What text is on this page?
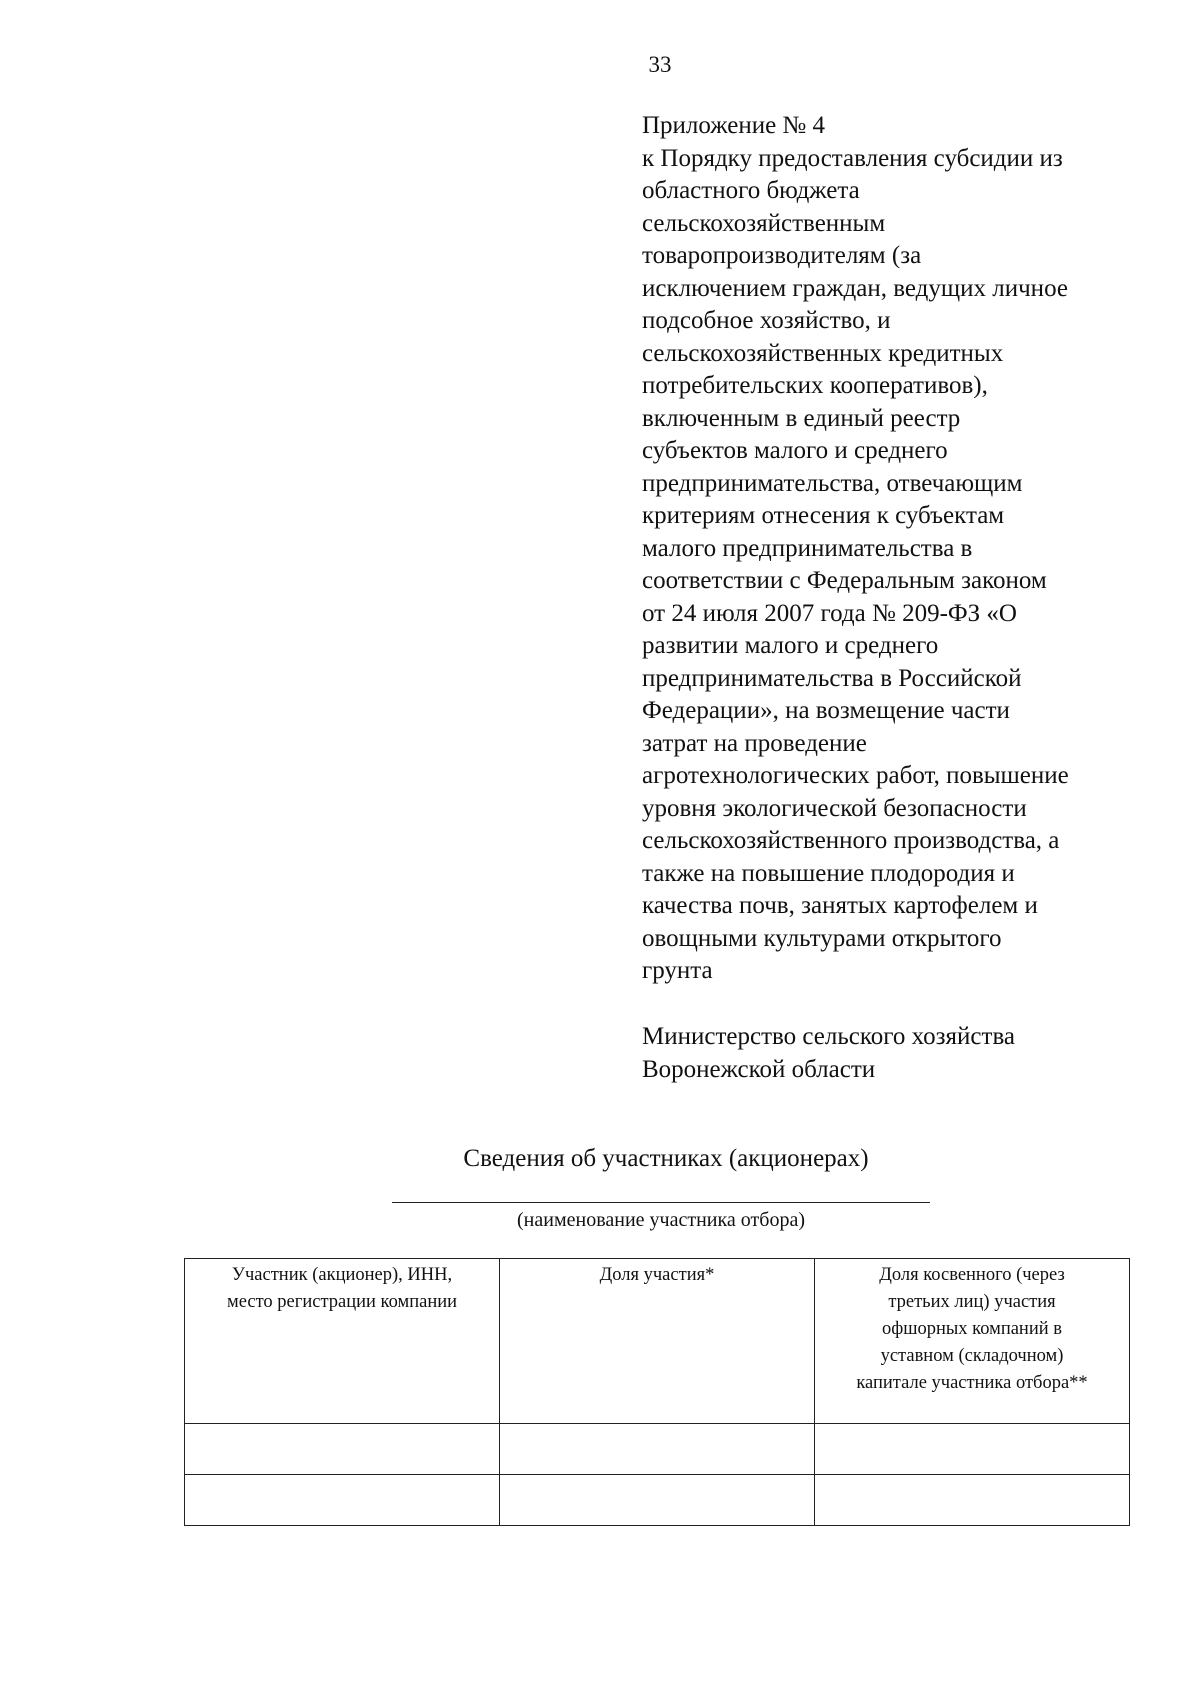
33
Приложение № 4
к Порядку предоставления субсидии из
областного бюджета
сельскохозяйственным
товаропроизводителям (за
исключением граждан, ведущих личное
подсобное хозяйство, и
сельскохозяйственных кредитных
потребительских кооперативов),
включенным в единый реестр
субъектов малого и среднего
предпринимательства, отвечающим
критериям отнесения к субъектам
малого предпринимательства в
соответствии с Федеральным законом
от 24 июля 2007 года № 209-ФЗ «О
развитии малого и среднего
предпринимательства в Российской
Федерации», на возмещение части
затрат на проведение
агротехнологических работ, повышение
уровня экологической безопасности
сельскохозяйственного производства, а
также на повышение плодородия и
качества почв, занятых картофелем и
овощными культурами открытого
грунта
Министерство сельского хозяйства
Воронежской области
Сведения об участниках (акционерах)
(наименование участника отбора)
Участник (акционер), ИНН,
место регистрации компании	Доля участия*	Доля косвенного (через
третьих лиц) участия
офшорных компаний в
уставном (складочном)
капитале участника отбора**
